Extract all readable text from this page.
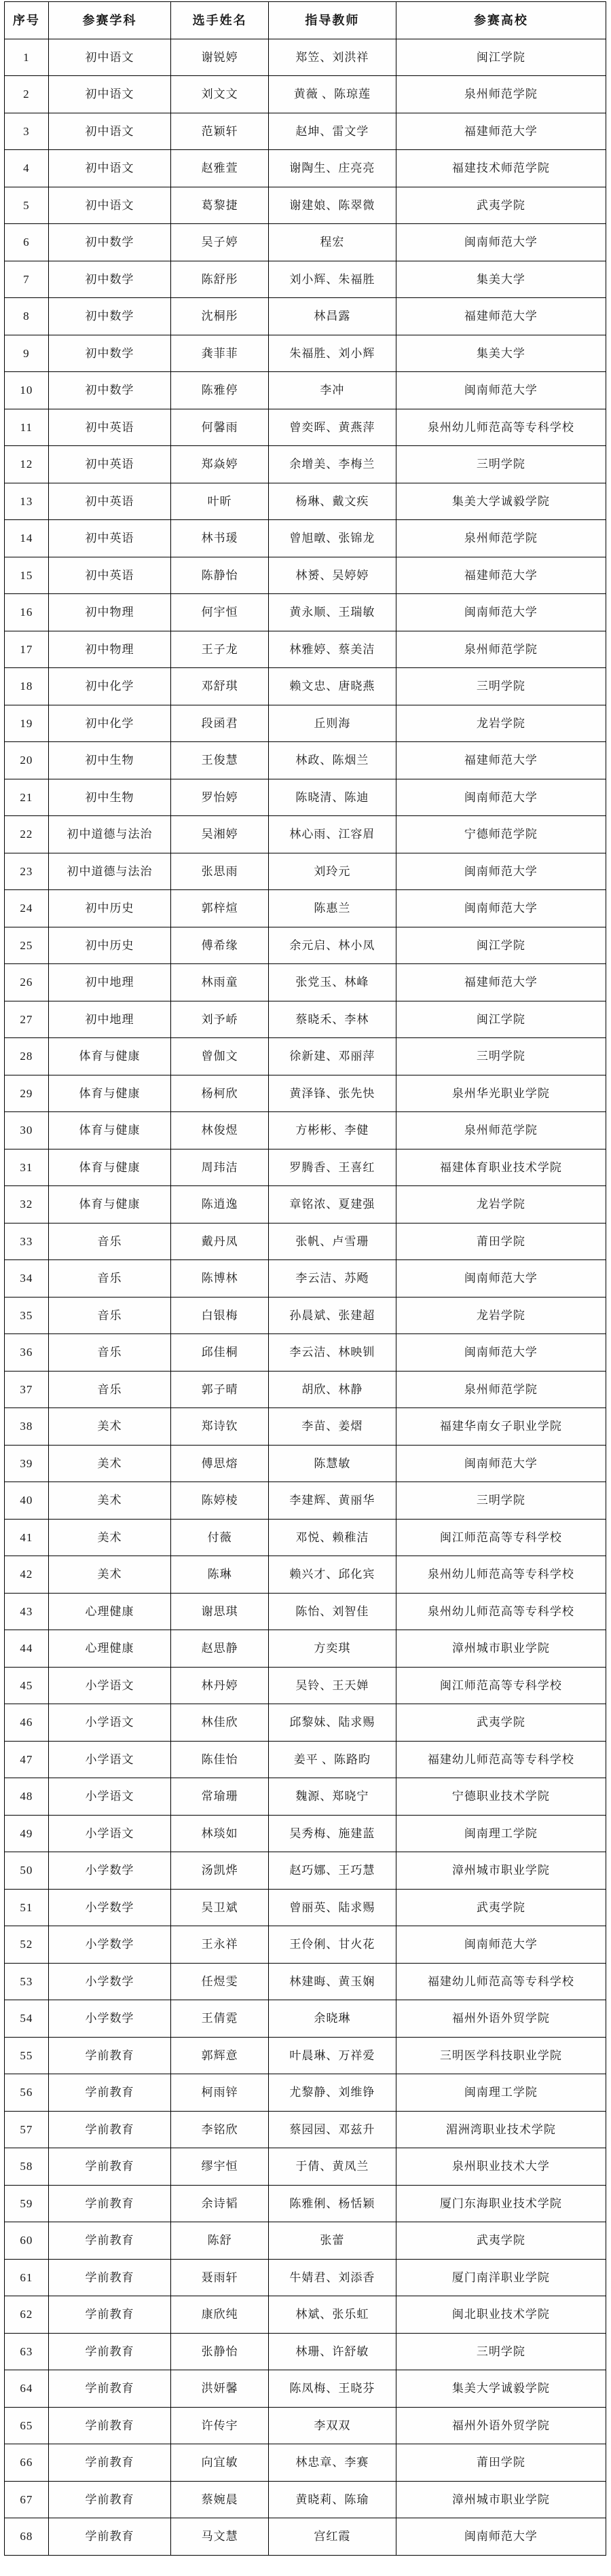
序号	参赛学科	选手姓名	指导教师	参赛高校
1	初中语文	谢锐婷	郑笠、刘洪祥	闽江学院
2	初中语文	刘文文	黄薇 、陈琼莲	泉州师范学院
3	初中语文	范颖轩	赵坤、雷文学	福建师范大学
4	初中语文	赵雅萱	谢陶生、庄亮亮	福建技术师范学院
5	初中语文	葛黎捷	谢建娘、陈翠微	武夷学院
6	初中数学	吴子婷	程宏	闽南师范大学
7	初中数学	陈舒彤	刘小辉、朱福胜	集美大学
8	初中数学	沈桐彤	林昌露	福建师范大学
9	初中数学	龚菲菲	朱福胜、刘小辉	集美大学
10	初中数学	陈雅停	李冲	闽南师范大学
11	初中英语	何馨雨	曾奕晖、黄燕萍	泉州幼儿师范高等专科学校
12	初中英语	郑焱婷	余增美、李梅兰	三明学院
13	初中英语	叶昕	杨琳、戴文疾	集美大学诚毅学院
14	初中英语	林书瑗	曾旭暾、张锦龙	泉州师范学院
15	初中英语	陈静怡	林赟、吴婷婷	福建师范大学
16	初中物理	何宇恒	黄永顺、王瑞敏	闽南师范大学
17	初中物理	王子龙	林雅婷、蔡美洁	泉州师范学院
18	初中化学	邓舒琪	赖文忠、唐晓燕	三明学院
19	初中化学	段函君	丘则海	龙岩学院
20	初中生物	王俊慧	林政、陈烟兰	福建师范大学
21	初中生物	罗怡婷	陈晓清、陈迪	闽南师范大学
22	初中道德与法治	吴湘婷	林心雨、江容眉	宁德师范学院
23	初中道德与法治	张思雨	刘玲元	闽南师范大学
24	初中历史	郭梓煊	陈惠兰	闽南师范大学
25	初中历史	傅希缘	余元启、林小凤	闽江学院
26	初中地理	林雨童	张党玉、林峰	福建师范大学
27	初中地理	刘予峤	蔡晓禾、李林	闽江学院
28	体育与健康	曾伽文	徐新建、邓丽萍	三明学院
29	体育与健康	杨柯欣	黄泽锋、张先快	泉州华光职业学院
30	体育与健康	林俊煜	方彬彬、李健	泉州师范学院
31	体育与健康	周玮洁	罗腾香、王喜红	福建体育职业技术学院
32	体育与健康	陈逍逸	章铭浓、夏建强	龙岩学院
33	音乐	戴丹凤	张帆、卢雪珊	莆田学院
34	音乐	陈博林	李云洁、苏飏	闽南师范大学
35	音乐	白银梅	孙晨斌、张建超	龙岩学院
36	音乐	邱佳桐	李云洁、林映钏	闽南师范大学
37	音乐	郭子晴	胡欣、林静	泉州师范学院
38	美术	郑诗钦	李苗、姜熠	福建华南女子职业学院
39	美术	傅思熔	陈慧敏	闽南师范大学
40	美术	陈婷棱	李建辉、黄丽华	三明学院
41	美术	付薇	邓悦、赖稚洁	闽江师范高等专科学校
42	美术	陈琳	赖兴才、邱化宾	泉州幼儿师范高等专科学校
43	心理健康	谢思琪	陈怡、刘智佳	泉州幼儿师范高等专科学校
44	心理健康	赵思静	方奕琪	漳州城市职业学院
45	小学语文	林丹婷	吴铃、王天婵	闽江师范高等专科学校
46	小学语文	林佳欣	邱黎妹、陆求赐	武夷学院
47	小学语文	陈佳怡	姜平 、陈路昀	福建幼儿师范高等专科学校
48	小学语文	常瑜珊	魏源、郑晓宁	宁德职业技术学院
49	小学语文	林琰如	吴秀梅、施建蓝	闽南理工学院
50	小学数学	汤凯烨	赵巧娜、王巧慧	漳州城市职业学院
51	小学数学	吴卫斌	曾丽英、陆求赐	武夷学院
52	小学数学	王永祥	王伶俐、甘火花	闽南师范大学
53	小学数学	任煜雯	林建晦、黄玉娴	福建幼儿师范高等专科学校
54	小学数学	王倩霓	余晓琳	福州外语外贸学院
55	学前教育	郭辉意	叶晨琳、万祥爱	三明医学科技职业学院
56	学前教育	柯雨锌	尤黎静、刘维铮	闽南理工学院
57	学前教育	李铭欣	蔡园园、邓兹升	湄洲湾职业技术学院
58	学前教育	缪宇恒	于倩、黄凤兰	泉州职业技术大学
59	学前教育	余诗韬	陈雅俐、杨恬颖	厦门东海职业技术学院
60	学前教育	陈舒	张蕾	武夷学院
61	学前教育	聂雨轩	牛婧君、刘添香	厦门南洋职业学院
62	学前教育	康欣纯	林斌、张乐虹	闽北职业技术学院
63	学前教育	张静怡	林珊、许舒敏	三明学院
64	学前教育	洪妍馨	陈凤梅、王晓芬	集美大学诚毅学院
65	学前教育	许传宇	李双双	福州外语外贸学院
66	学前教育	向宜敏	林忠章、李赛	莆田学院
67	学前教育	蔡婉晨	黄晓莉、陈瑜	漳州城市职业学院
68	学前教育	马文慧	宫红霞	闽南师范大学
